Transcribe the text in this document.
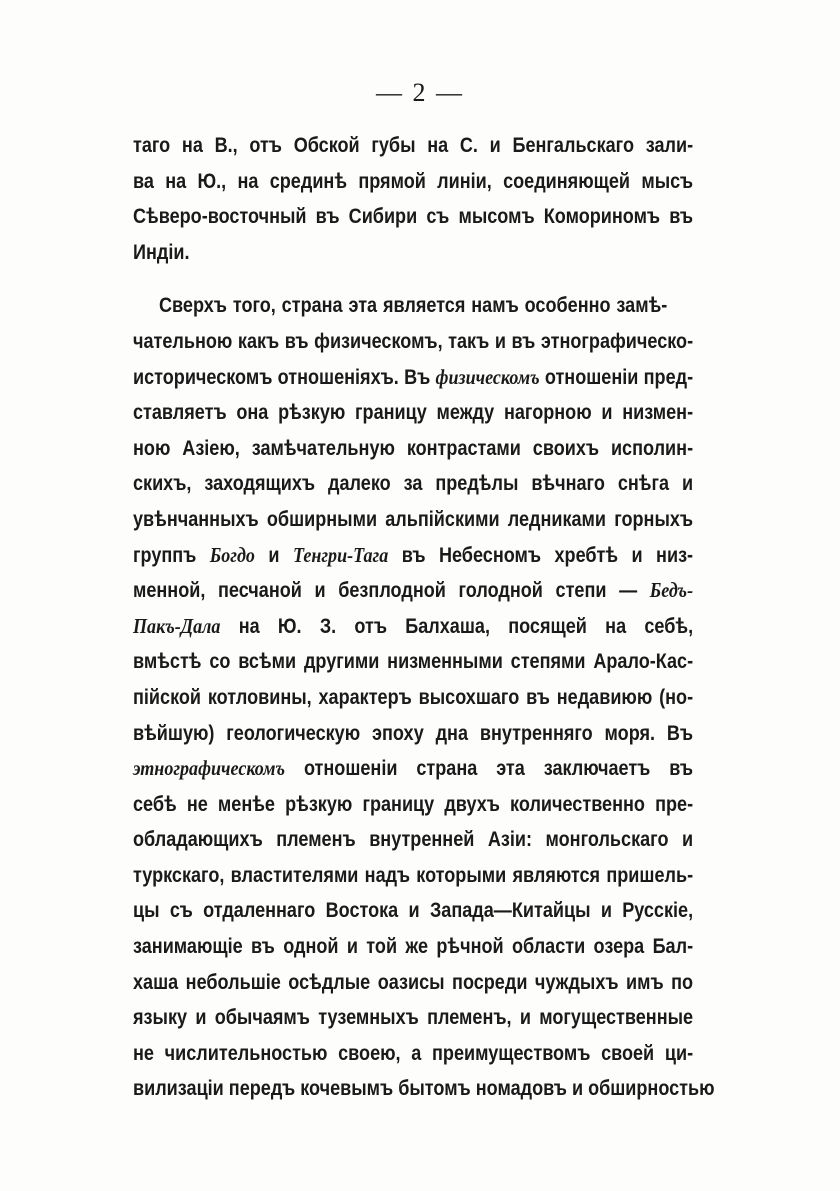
— 2 —
таго на В., отъ Обской губы на С. и Бенгальскаго зали-
ва на Ю., на срединѣ прямой линіи, соединяющей мысъ
Сѣверо-восточный въ Сибири съ мысомъ Комориномъ въ
Индіи.
Сверхъ того, страна эта является намъ особенно замѣ-
чательною какъ въ физическомъ, такъ и въ этнографическо-
историческомъ отношеніяхъ. Въ физическомъ отношеніи пред-
ставляетъ она рѣзкую границу между нагорною и низмен-
ною Азіею, замѣчательную контрастами своихъ исполин-
скихъ, заходящихъ далеко за предѣлы вѣчнаго снѣга и
увѣнчанныхъ обширными альпійскими ледниками горныхъ
группъ Богдо и Тенгри-Тага въ Небесномъ хребтѣ и низ-
менной, песчаной и безплодной голодной степи — Бедъ-
Пакъ-Дала на Ю. З. отъ Балхаша, посящей на себѣ,
вмѣстѣ со всѣми другими низменными степями Арало-Кас-
пійской котловины, характеръ высохшаго въ недавиюю (но-
вѣйшую) геологическую эпоху дна внутренняго моря. Въ
этнографическомъ отношеніи страна эта заключаетъ въ
себѣ не менѣе рѣзкую границу двухъ количественно пре-
обладающихъ племенъ внутренней Азіи: монгольскаго и
туркскаго, властителями надъ которыми являются пришель-
цы съ отдаленнаго Востока и Запада—Китайцы и Русскіе,
занимающіе въ одной и той же рѣчной области озера Бал-
хаша небольшіе осѣдлые оазисы посреди чуждыхъ имъ по
языку и обычаямъ туземныхъ племенъ, и могущественные
не числительностью своею, а преимуществомъ своей ци-
вилизаціи передъ кочевымъ бытомъ номадовъ и обширностью
